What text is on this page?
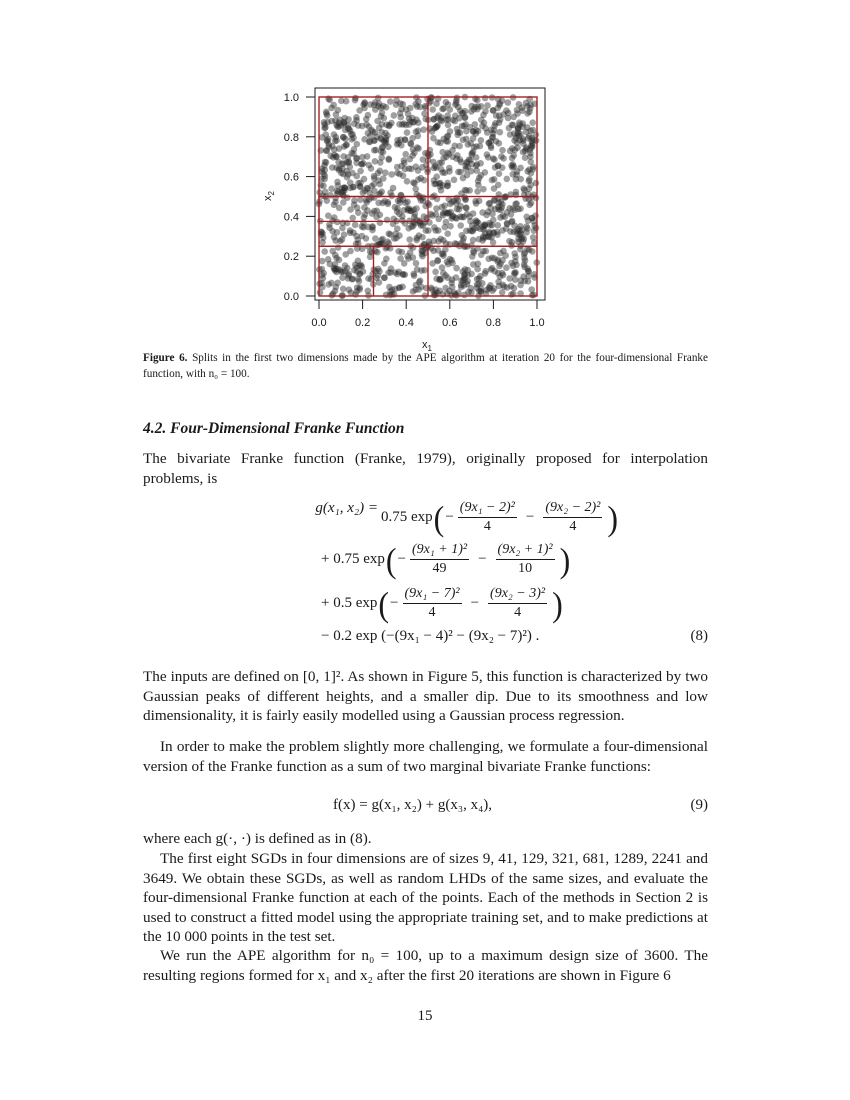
0.0	0.2	0.4	0.6	0.8	1.0
0.0
0.2
0.4
0.6
0.8
1.0
$x_1$
$x_2$
Figure 6. Splits in the first two dimensions made by the APE algorithm at iteration 20 for the four-dimensional Franke function, with n₀ = 100.
4.2. Four-Dimensional Franke Function

The bivariate Franke function (Franke, 1979), originally proposed for interpolation problems, is

g(x₁, x₂) =
0.75 exp ( − $\frac{\text{(9x₁ − 2)²}}{4} - \frac{\text{(9x₂ − 2)²}}{4}$ )
+ 0.75 exp ( − $\frac{\text{(9x₁ + 1)²}}{49} - \frac{\text{(9x₂ + 1)²}}{10}$ )
+ 0.5 exp ( − $\frac{\text{(9x₁ − 7)²}}{4} - \frac{\text{(9x₂ − 3)²}}{4}$ )
− 0.2 exp (−(9x₁ − 4)² − (9x₂ − 7)²) .	(8)

The inputs are defined on [0, 1]². As shown in Figure 5, this function is characterized by two Gaussian peaks of different heights, and a smaller dip. Due to its smoothness and low dimensionality, it is fairly easily modelled using a Gaussian process regression.

In order to make the problem slightly more challenging, we formulate a four-dimensional version of the Franke function as a sum of two marginal bivariate Franke functions:

f(x) = g(x₁, x₂) + g(x₃, x₄),	(9)

where each g(·, ·) is defined as in (8).

The first eight SGDs in four dimensions are of sizes 9, 41, 129, 321, 681, 1289, 2241 and 3649. We obtain these SGDs, as well as random LHDs of the same sizes, and evaluate the four-dimensional Franke function at each of the points. Each of the methods in Section 2 is used to construct a fitted model using the appropriate training set, and to make predictions at the 10 000 points in the test set.

We run the APE algorithm for n₀ = 100, up to a maximum design size of 3600. The resulting regions formed for x₁ and x₂ after the first 20 iterations are shown in Figure 6

15
